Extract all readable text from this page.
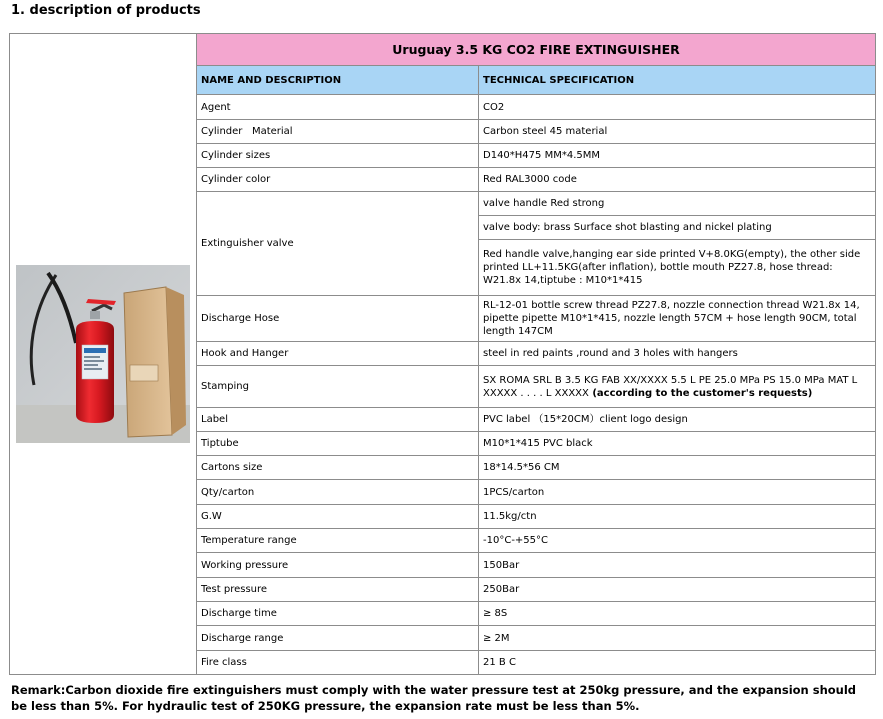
1. description of products
	Uruguay 3.5 KG CO2 FIRE EXTINGUISHER	
	NAME AND DESCRIPTION	TECHNICAL SPECIFICATION
	Agent	CO2
	Cylinder   Material	Carbon steel 45 material
	Cylinder sizes	D140*H475 MM*4.5MM
	Cylinder color	Red RAL3000 code
	Extinguisher valve	valve handle Red strong
		valve body: brass Surface shot blasting and nickel plating
		Red handle valve,hanging ear side printed V+8.0KG(empty), the other side printed LL+11.5KG(after inflation), bottle mouth PZ27.8, hose thread: W21.8x 14,tiptube : M10*1*415
	Discharge Hose	RL-12-01 bottle screw thread PZ27.8, nozzle connection thread W21.8x 14, pipette pipette M10*1*415, nozzle length 57CM + hose length 90CM, total length 147CM
	Hook and Hanger	steel in red paints ,round and 3 holes with hangers
	Stamping	SX ROMA SRL B 3.5 KG FAB XX/XXXX 5.5 L PE 25.0 MPa PS 15.0 MPa MAT L XXXXX . . . . L XXXXX (according to the customer's requests)
	Label	PVC label （15*20CM）client logo design
	Tiptube	M10*1*415 PVC black
	Cartons size	18*14.5*56 CM
	Qty/carton	1PCS/carton
	G.W	11.5kg/ctn
	Temperature range	-10°C-+55°C
	Working pressure	150Bar
	Test pressure	250Bar
	Discharge time	≥ 8S
	Discharge range	≥ 2M
	Fire class	21 B C
Remark:Carbon dioxide fire extinguishers must comply with the water pressure test at 250kg pressure, and the expansion should be less than 5%. For hydraulic test of 250KG pressure, the expansion rate must be less than 5%.
